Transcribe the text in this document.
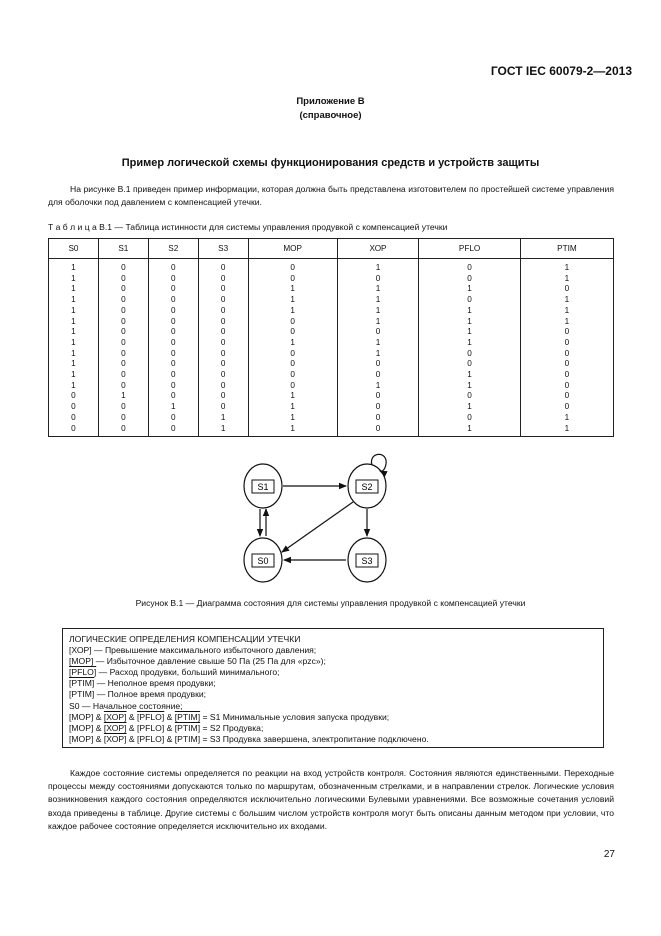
ГОСТ IEC 60079-2—2013
Приложение В
(справочное)
Пример логической схемы функционирования средств и устройств защиты
На рисунке В.1 приведен пример информации, которая должна быть представлена изготовителем по простейшей системе управления для оболочки под давлением с компенсацией утечки.
Т а б л и ц а В.1 — Таблица истинности для системы управления продувкой с компенсацией утечки
S0	S1	S2	S3	МОР	ХОР	PFLO	PTIM
1	0	0	0	0	1	0	1
1	0	0	0	0	0	0	1
1	0	0	0	1	1	1	0
1	0	0	0	1	1	0	1
1	0	0	0	1	1	1	1
1	0	0	0	0	1	1	1
1	0	0	0	0	0	1	0
1	0	0	0	1	1	1	0
1	0	0	0	0	1	0	0
1	0	0	0	0	0	0	0
1	0	0	0	0	0	1	0
1	0	0	0	0	1	1	0
0	1	0	0	1	0	0	0
0	0	1	0	1	0	1	0
0	0	0	1	1	0	0	1
0	0	0	1	1	0	1	1
S1	S2
S0	S3
Рисунок В.1 — Диаграмма состояния для системы управления продувкой с компенсацией утечки
ЛОГИЧЕСКИЕ ОПРЕДЕЛЕНИЯ КОМПЕНСАЦИИ УТЕЧКИ
[ХОР] — Превышение максимального избыточного давления;
[МОР] — Избыточное давление свыше 50 Па (25 Па для «pzc»);
[PFLO] — Расход продувки, больший минимального;
[PTIM] — Неполное время продувки;
[PTIM] — Полное время продувки;
S0 — Начальное состояние;
[МОР] & [ХОР] & [PFLO] & [PTIM] = S1 Минимальные условия запуска продувки;
[МОР] & [ХОР] & [PFLO] & [PTIM] = S2 Продувка;
[МОР] & [ХОР] & [PFLO] & [PTIM] = S3 Продувка завершена, электропитание подключено.
Каждое состояние системы определяется по реакции на вход устройств контроля. Состояния являются единственными. Переходные процессы между состояниями допускаются только по маршрутам, обозначенным стрелками, и в направлении стрелок. Логические условия возникновения каждого состояния определяются исключительно логическими Булевыми уравнениями. Все возможные сочетания условий входа приведены в таблице. Другие системы с большим числом устройств контроля могут быть описаны данным методом при условии, что каждое рабочее состояние определяется исключительно их входами.
27
